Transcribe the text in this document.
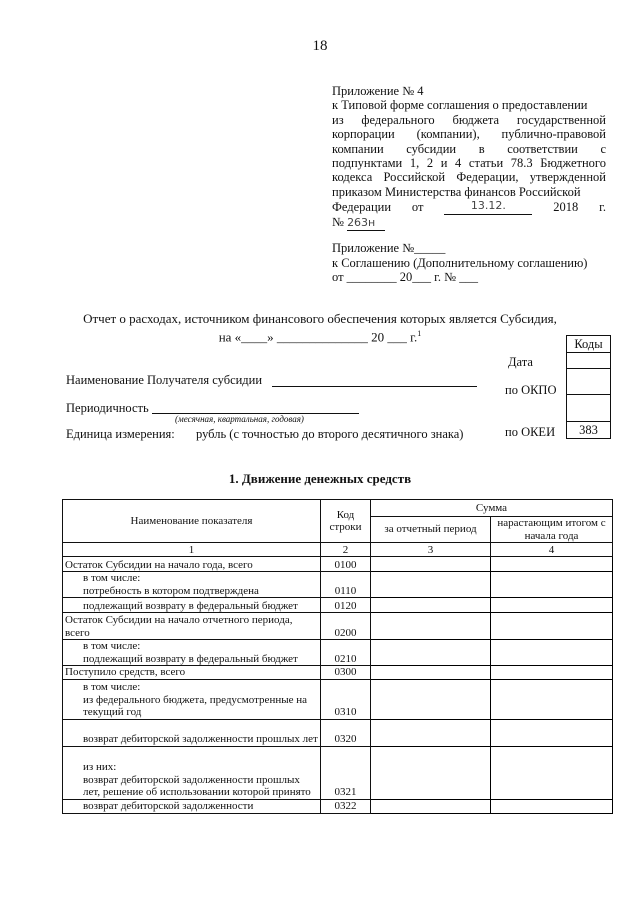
18
Приложение № 4
к Типовой форме соглашения о предоставлении
из федерального бюджета государственной
корпорации (компании), публично-правовой
компании субсидии в соответствии с
подпунктами 1, 2 и 4 статьи 78.3 Бюджетного
кодекса Российской Федерации, утвержденной
приказом Министерства финансов Российской
Федерации от	13.12.	2018 г.
№ 263н
Приложение №_____
к Соглашению (Дополнительному соглашению)
от ________ 20___ г. № ___
Отчет о расходах, источником финансового обеспечения которых является Субсидия,
на «____» ______________ 20 ___ г.$^1$
Коды
383
Дата
по ОКПО
по ОКЕИ
Наименование Получателя субсидии
Периодичность
(месячная, квартальная, годовая)
Единица измерения: рубль (с точностью до второго десятичного знака)
1. Движение денежных средств
Наименование показателя	Код строки	Сумма	
		за отчетный период	нарастающим итогом с начала года
1	2	3	4
Остаток Субсидии на начало года, всего	0100		
в том числе:
потребность в котором подтверждена	0110		
подлежащий возврату в федеральный бюджет	0120		
Остаток Субсидии на начало отчетного периода, всего	0200		
в том числе:
подлежащий возврату в федеральный бюджет	0210		
Поступило средств, всего	0300		
в том числе:
из федерального бюджета, предусмотренные на текущий год	0310		
возврат дебиторской задолженности прошлых лет	0320		
из них:
возврат дебиторской задолженности прошлых лет, решение об использовании которой принято	0321		
возврат дебиторской задолженности	0322		
